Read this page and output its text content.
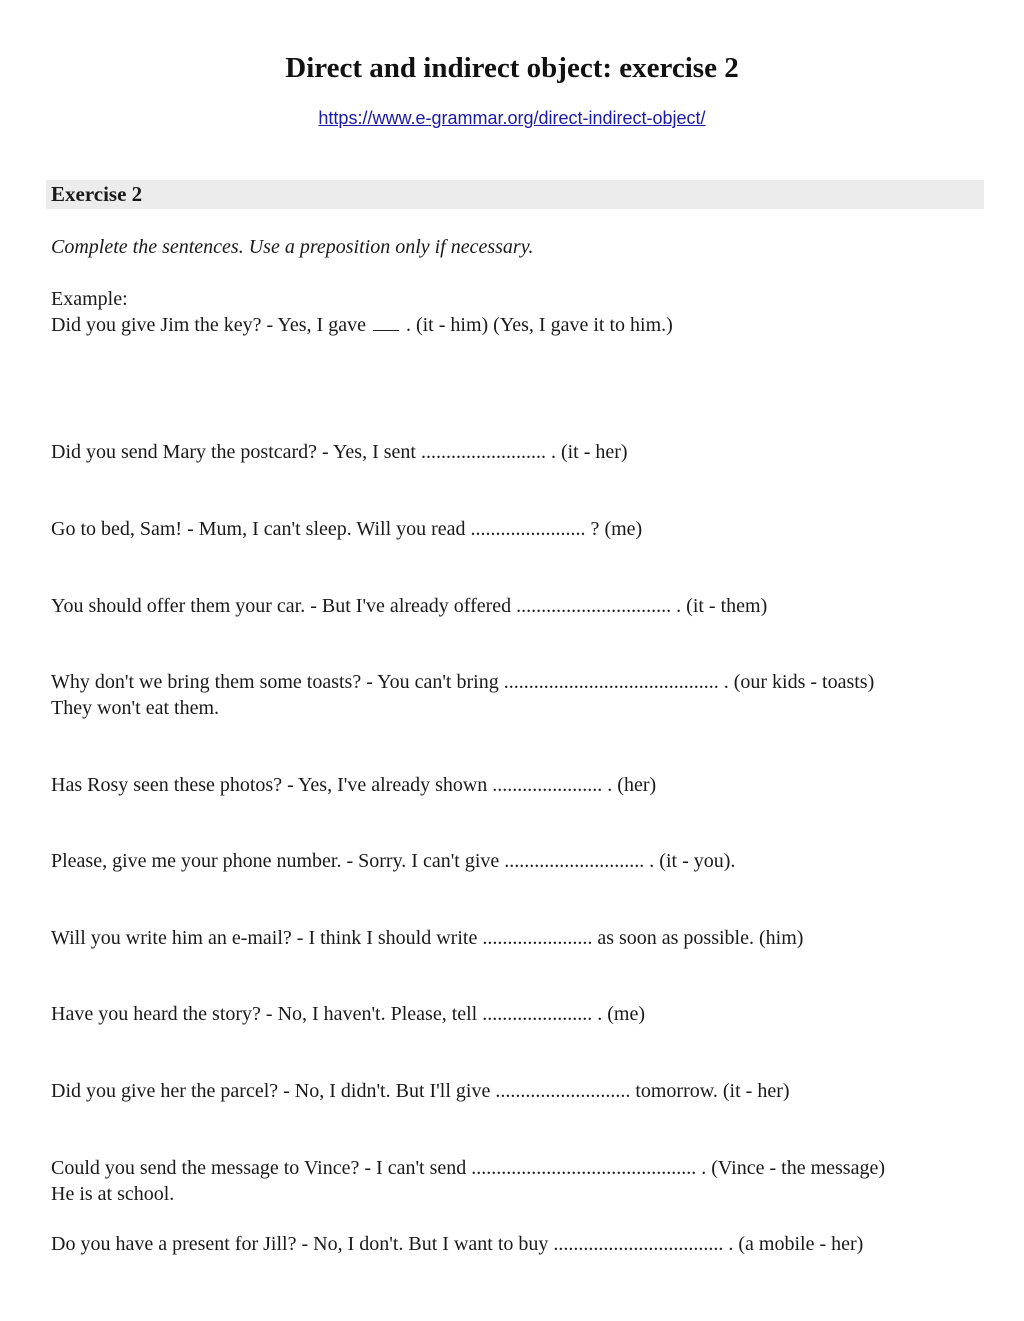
Direct and indirect object: exercise 2
https://www.e-grammar.org/direct-indirect-object/
Exercise 2
Complete the sentences. Use a preposition only if necessary.
Example:
Did you give Jim the key? - Yes, I gave . (it - him) (Yes, I gave it to him.)
Did you send Mary the postcard? - Yes, I sent ......................... . (it - her)
Go to bed, Sam! - Mum, I can't sleep. Will you read ....................... ? (me)
You should offer them your car. - But I've already offered ............................... . (it - them)
Why don't we bring them some toasts? - You can't bring ........................................... . (our kids - toasts)
They won't eat them.
Has Rosy seen these photos? - Yes, I've already shown ...................... . (her)
Please, give me your phone number. - Sorry. I can't give ............................ . (it - you).
Will you write him an e-mail? - I think I should write ...................... as soon as possible. (him)
Have you heard the story? - No, I haven't. Please, tell ...................... . (me)
Did you give her the parcel? - No, I didn't. But I'll give ........................... tomorrow. (it - her)
Could you send the message to Vince? - I can't send ............................................. . (Vince - the message)
He is at school.
Do you have a present for Jill? - No, I don't. But I want to buy .................................. . (a mobile - her)
